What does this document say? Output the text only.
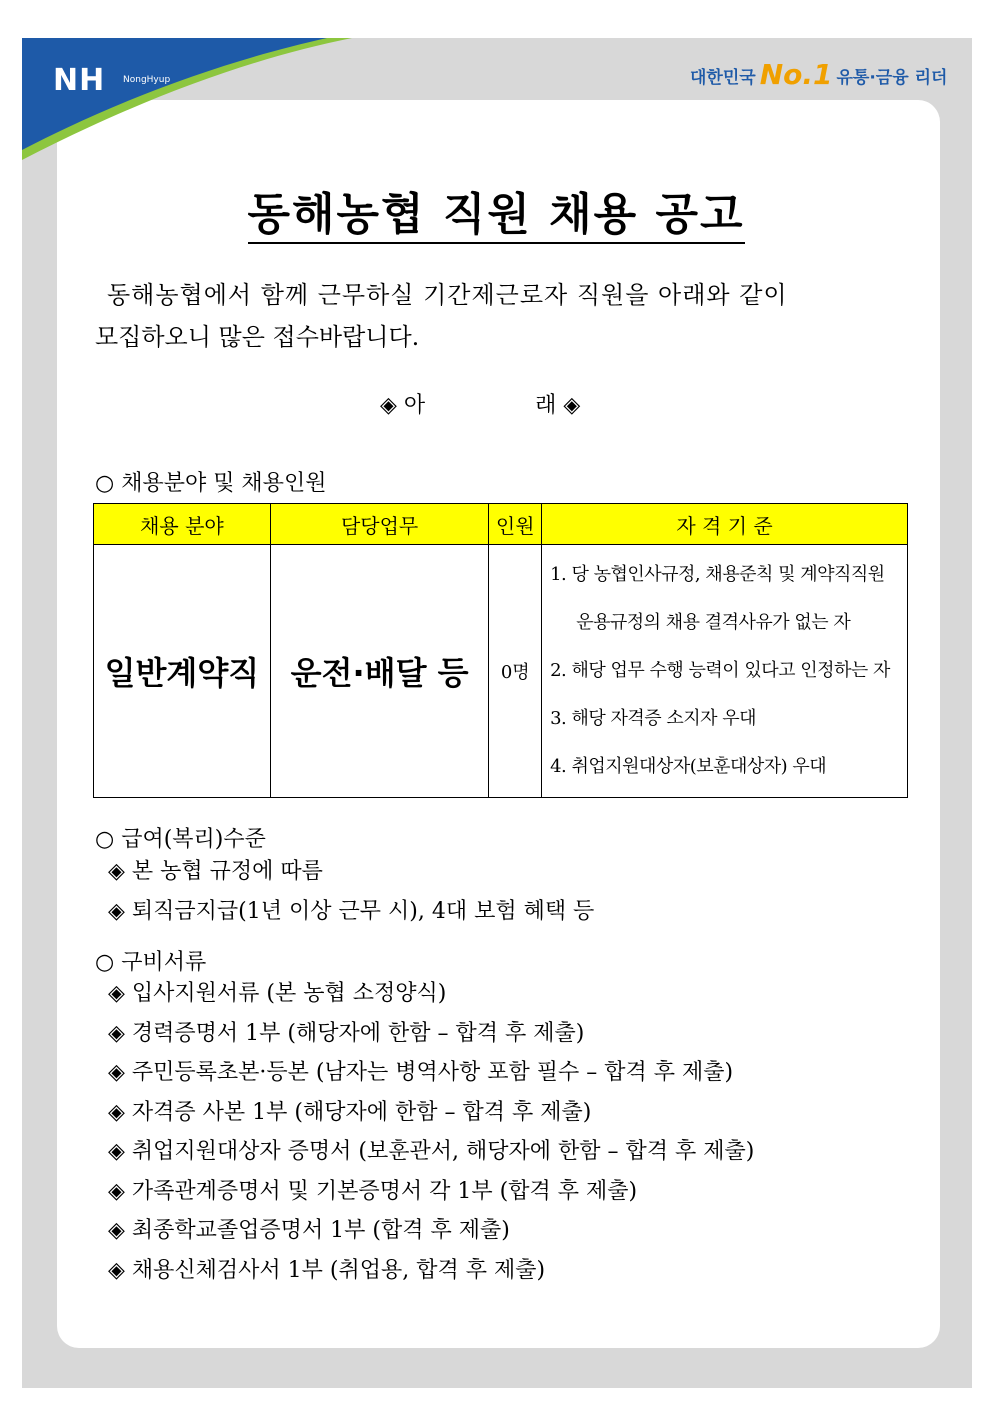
NH NongHyup	대한민국 No.1 유통·금융 리더
동해농협 직원 채용 공고
동해농협에서 함께 근무하실 기간제근로자 직원을 아래와 같이
모집하오니 많은 접수바랍니다.
◈ 아	래 ◈
○ 채용분야 및 채용인원
채용 분야	담당업무	인원	자 격 기 준
일반계약직	운전·배달 등	0명	1. 당 농협인사규정, 채용준칙 및 계약직직원
운용규정의 채용 결격사유가 없는 자
2. 해당 업무 수행 능력이 있다고 인정하는 자
3. 해당 자격증 소지자 우대
4. 취업지원대상자(보훈대상자) 우대
○ 급여(복리)수준
◈ 본 농협 규정에 따름
◈ 퇴직금지급(1년 이상 근무 시), 4대 보험 혜택 등
○ 구비서류
◈ 입사지원서류 (본 농협 소정양식)
◈ 경력증명서 1부 (해당자에 한함 – 합격 후 제출)
◈ 주민등록초본·등본 (남자는 병역사항 포함 필수 – 합격 후 제출)
◈ 자격증 사본 1부 (해당자에 한함 – 합격 후 제출)
◈ 취업지원대상자 증명서 (보훈관서, 해당자에 한함 – 합격 후 제출)
◈ 가족관계증명서 및 기본증명서 각 1부 (합격 후 제출)
◈ 최종학교졸업증명서 1부 (합격 후 제출)
◈ 채용신체검사서 1부 (취업용, 합격 후 제출)
